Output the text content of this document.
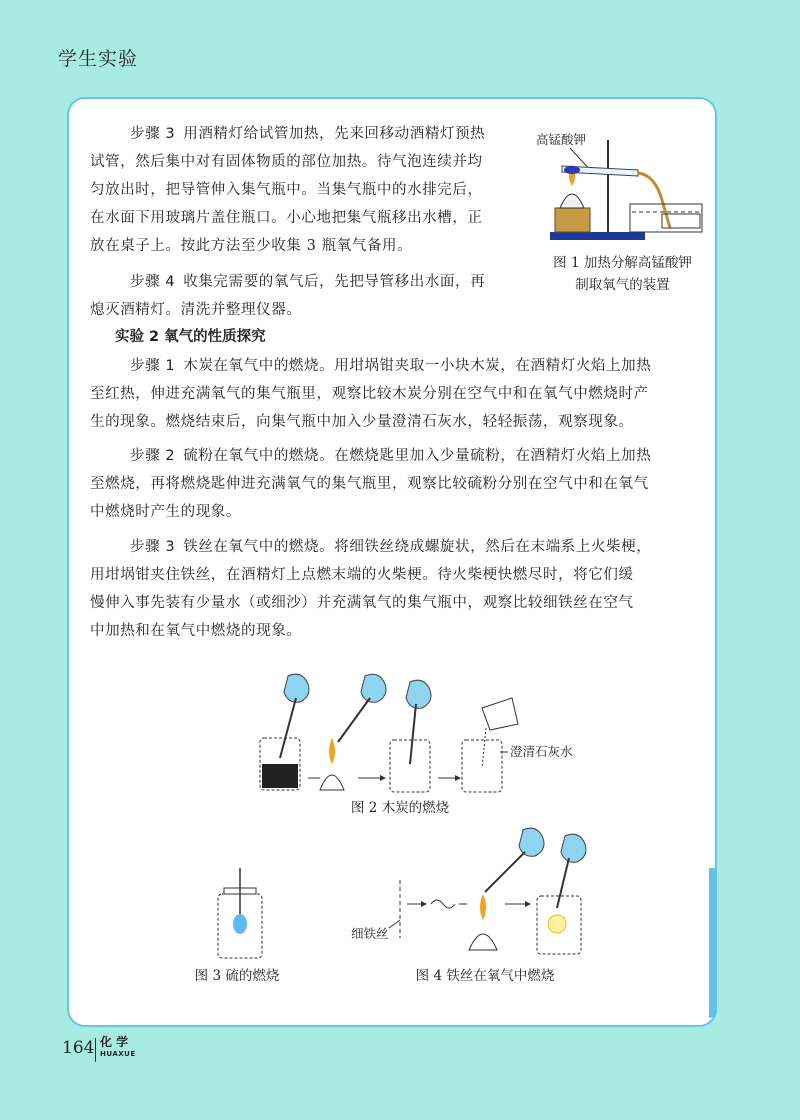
学生实验

步骤 3 用酒精灯给试管加热，先来回移动酒精灯预热
试管，然后集中对有固体物质的部位加热。待气泡连续并均
匀放出时，把导管伸入集气瓶中。当集气瓶中的水排完后，
在水面下用玻璃片盖住瓶口。小心地把集气瓶移出水槽，正
放在桌子上。按此方法至少收集 3 瓶氧气备用。

步骤 4 收集完需要的氧气后，先把导管移出水面，再
熄灭酒精灯。清洗并整理仪器。

高锰酸钾
图 1 加热分解高锰酸钾
制取氧气的装置
实验 2 氧气的性质探究

步骤 1 木炭在氧气中的燃烧。用坩埚钳夹取一小块木炭，在酒精灯火焰上加热
至红热，伸进充满氧气的集气瓶里，观察比较木炭分别在空气中和在氧气中燃烧时产
生的现象。燃烧结束后，向集气瓶中加入少量澄清石灰水，轻轻振荡，观察现象。

步骤 2 硫粉在氧气中的燃烧。在燃烧匙里加入少量硫粉，在酒精灯火焰上加热
至燃烧，再将燃烧匙伸进充满氧气的集气瓶里，观察比较硫粉分别在空气中和在氧气
中燃烧时产生的现象。

步骤 3 铁丝在氧气中的燃烧。将细铁丝绕成螺旋状，然后在末端系上火柴梗，
用坩埚钳夹住铁丝，在酒精灯上点燃末端的火柴梗。待火柴梗快燃尽时，将它们缓
慢伸入事先装有少量水（或细沙）并充满氧气的集气瓶中，观察比较细铁丝在空气
中加热和在氧气中燃烧的现象。

澄清石灰水
图 2 木炭的燃烧
图 3 硫的燃烧
细铁丝
图 4 铁丝在氧气中燃烧
164 化 学
HUAXUE
